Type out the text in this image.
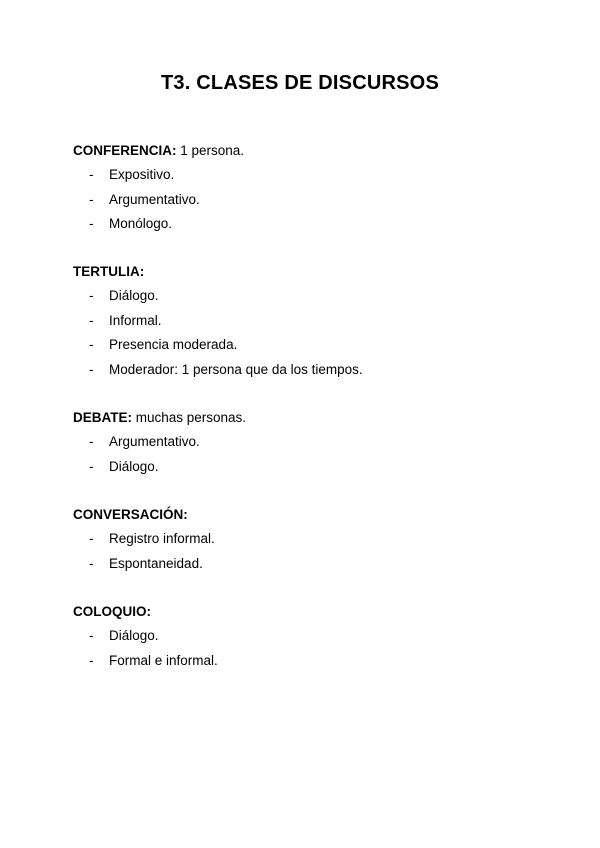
T3. CLASES DE DISCURSOS
CONFERENCIA: 1 persona.
- Expositivo.
- Argumentativo.
- Monólogo.
TERTULIA:
- Diálogo.
- Informal.
- Presencia moderada.
- Moderador: 1 persona que da los tiempos.
DEBATE: muchas personas.
- Argumentativo.
- Diálogo.
CONVERSACIÓN:
- Registro informal.
- Espontaneidad.
COLOQUIO:
- Diálogo.
- Formal e informal.
